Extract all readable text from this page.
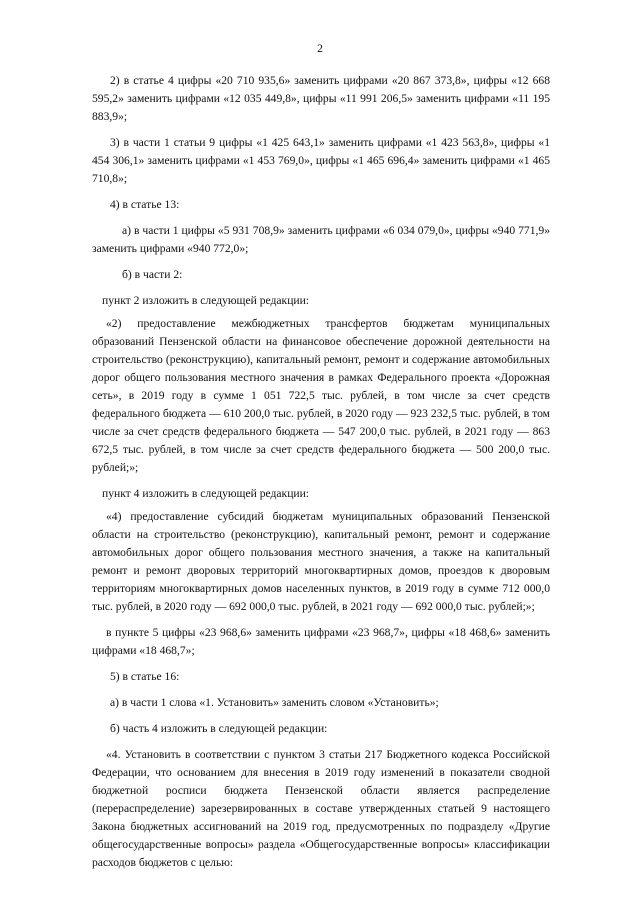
2

2) в статье 4 цифры «20 710 935,6» заменить цифрами «20 867 373,8», цифры «12 668 595,2» заменить цифрами «12 035 449,8», цифры «11 991 206,5» заменить цифрами «11 195 883,9»;

3) в части 1 статьи 9 цифры «1 425 643,1» заменить цифрами «1 423 563,8», цифры «1 454 306,1» заменить цифрами «1 453 769,0», цифры «1 465 696,4» заменить цифрами «1 465 710,8»;

4) в статье 13:

а) в части 1 цифры «5 931 708,9» заменить цифрами «6 034 079,0», цифры «940 771,9» заменить цифрами «940 772,0»;

б) в части 2:

пункт 2 изложить в следующей редакции:

«2) предоставление межбюджетных трансфертов бюджетам муниципальных образований Пензенской области на финансовое обеспечение дорожной деятельности на строительство (реконструкцию), капитальный ремонт, ремонт и содержание автомобильных дорог общего пользования местного значения в рамках Федерального проекта «Дорожная сеть», в 2019 году в сумме 1 051 722,5 тыс. рублей, в том числе за счет средств федерального бюджета — 610 200,0 тыс. рублей, в 2020 году — 923 232,5 тыс. рублей, в том числе за счет средств федерального бюджета — 547 200,0 тыс. рублей, в 2021 году — 863 672,5 тыс. рублей, в том числе за счет средств федерального бюджета — 500 200,0 тыс. рублей;»;

пункт 4 изложить в следующей редакции:

«4) предоставление субсидий бюджетам муниципальных образований Пензенской области на строительство (реконструкцию), капитальный ремонт, ремонт и содержание автомобильных дорог общего пользования местного значения, а также на капитальный ремонт и ремонт дворовых территорий многоквартирных домов, проездов к дворовым территориям многоквартирных домов населенных пунктов, в 2019 году в сумме 712 000,0 тыс. рублей, в 2020 году — 692 000,0 тыс. рублей, в 2021 году — 692 000,0 тыс. рублей;»;

в пункте 5 цифры «23 968,6» заменить цифрами «23 968,7», цифры «18 468,6» заменить цифрами «18 468,7»;

5) в статье 16:

а) в части 1 слова «1. Установить» заменить словом «Установить»;

б) часть 4 изложить в следующей редакции:

«4. Установить в соответствии с пунктом 3 статьи 217 Бюджетного кодекса Российской Федерации, что основанием для внесения в 2019 году изменений в показатели сводной бюджетной росписи бюджета Пензенской области является распределение (перераспределение) зарезервированных в составе утвержденных статьей 9 настоящего Закона бюджетных ассигнований на 2019 год, предусмотренных по подразделу «Другие общегосударственные вопросы» раздела «Общегосударственные вопросы» классификации расходов бюджетов с целью:
